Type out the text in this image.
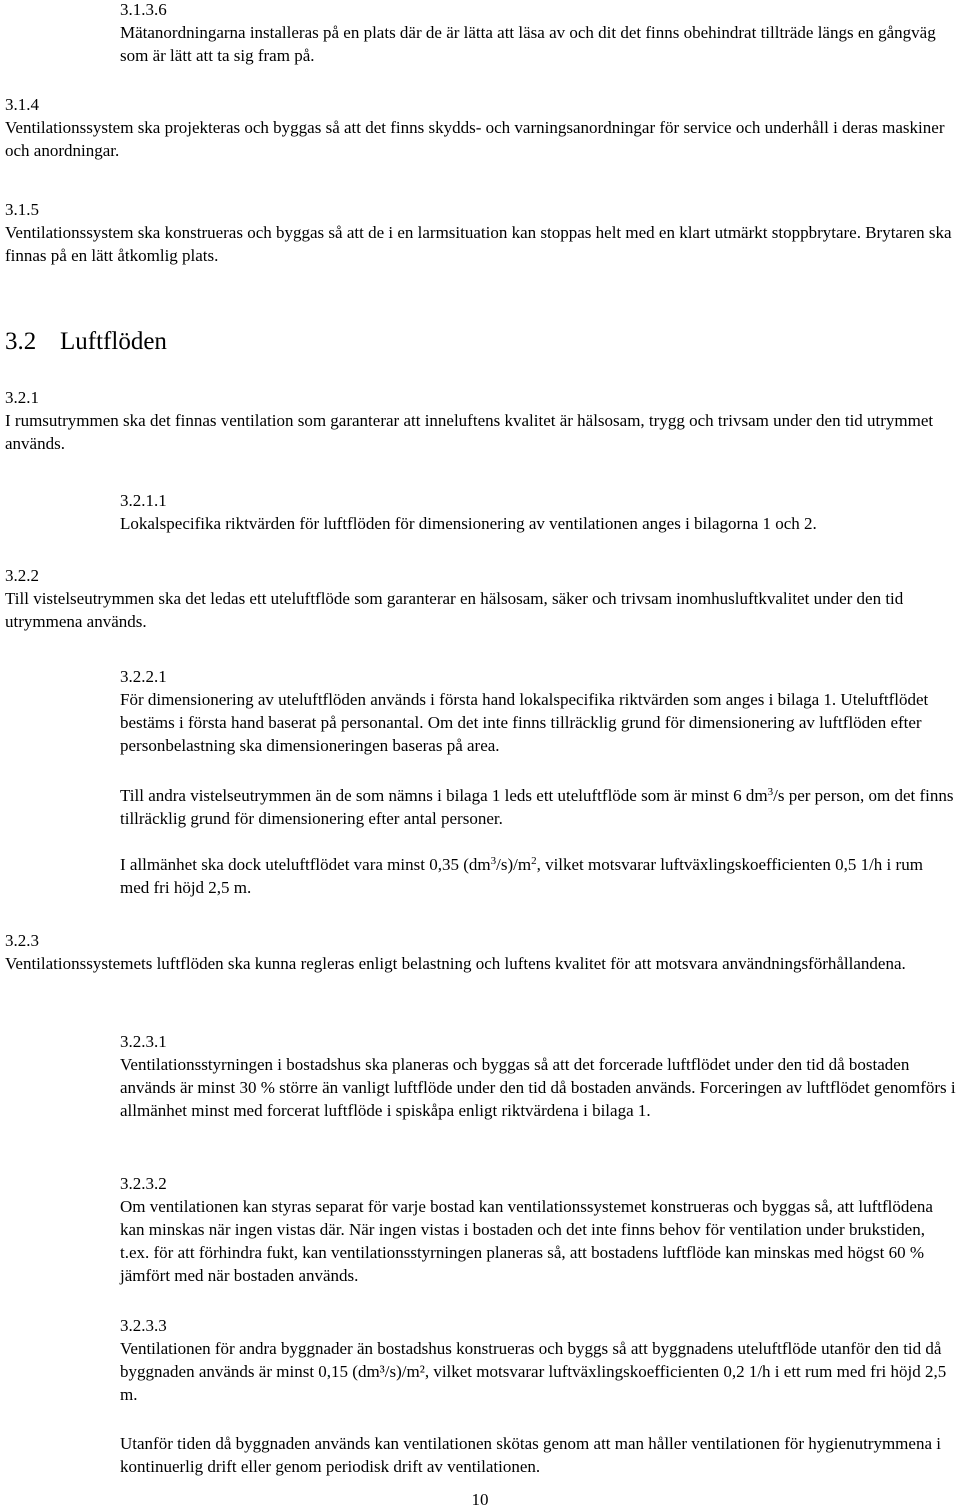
3.1.3.6
Mätanordningarna installeras på en plats där de är lätta att läsa av och dit det finns obehindrat tillträde längs en gångväg som är lätt att ta sig fram på.
3.1.4
Ventilationssystem ska projekteras och byggas så att det finns skydds- och varningsanordningar för service och underhåll i deras maskiner och anordningar.
3.1.5
Ventilationssystem ska konstrueras och byggas så att de i en larmsituation kan stoppas helt med en klart utmärkt stoppbrytare. Brytaren ska finnas på en lätt åtkomlig plats.
3.2 Luftflöden
3.2.1
I rumsutrymmen ska det finnas ventilation som garanterar att inneluftens kvalitet är hälsosam, trygg och trivsam under den tid utrymmet används.
3.2.1.1
Lokalspecifika riktvärden för luftflöden för dimensionering av ventilationen anges i bilagorna 1 och 2.
3.2.2
Till vistelseutrymmen ska det ledas ett uteluftflöde som garanterar en hälsosam, säker och trivsam inomhusluftkvalitet under den tid utrymmena används.
3.2.2.1
För dimensionering av uteluftflöden används i första hand lokalspecifika riktvärden som anges i bilaga 1. Uteluftflödet bestäms i första hand baserat på personantal. Om det inte finns tillräcklig grund för dimensionering av luftflöden efter personbelastning ska dimensioneringen baseras på area.
Till andra vistelseutrymmen än de som nämns i bilaga 1 leds ett uteluftflöde som är minst 6 $dm^3/s$ per person, om det finns tillräcklig grund för dimensionering efter antal personer.
I allmänhet ska dock uteluftflödet vara minst 0,35 $(dm^3/s)/m^2$, vilket motsvarar luftväxlingskoefficienten 0,5 1/h i rum med fri höjd 2,5 m.
3.2.3
Ventilationssystemets luftflöden ska kunna regleras enligt belastning och luftens kvalitet för att motsvara användningsförhållandena.
3.2.3.1
Ventilationsstyrningen i bostadshus ska planeras och byggas så att det forcerade luftflödet under den tid då bostaden används är minst 30 % större än vanligt luftflöde under den tid då bostaden används. Forceringen av luftflödet genomförs i allmänhet minst med forcerat luftflöde i spiskåpa enligt riktvärdena i bilaga 1.
3.2.3.2
Om ventilationen kan styras separat för varje bostad kan ventilationssystemet konstrueras och byggas så, att luftflödena kan minskas när ingen vistas där. När ingen vistas i bostaden och det inte finns behov för ventilation under brukstiden, t.ex. för att förhindra fukt, kan ventilationsstyrningen planeras så, att bostadens luftflöde kan minskas med högst 60 % jämfört med när bostaden används.
3.2.3.3
Ventilationen för andra byggnader än bostadshus konstrueras och byggs så att byggnadens uteluftflöde utanför den tid då byggnaden används är minst 0,15 (dm³/s)/m², vilket motsvarar luftväxlingskoefficienten 0,2 1/h i ett rum med fri höjd 2,5 m.
Utanför tiden då byggnaden används kan ventilationen skötas genom att man håller ventilationen för hygienutrymmena i kontinuerlig drift eller genom periodisk drift av ventilationen.
10
